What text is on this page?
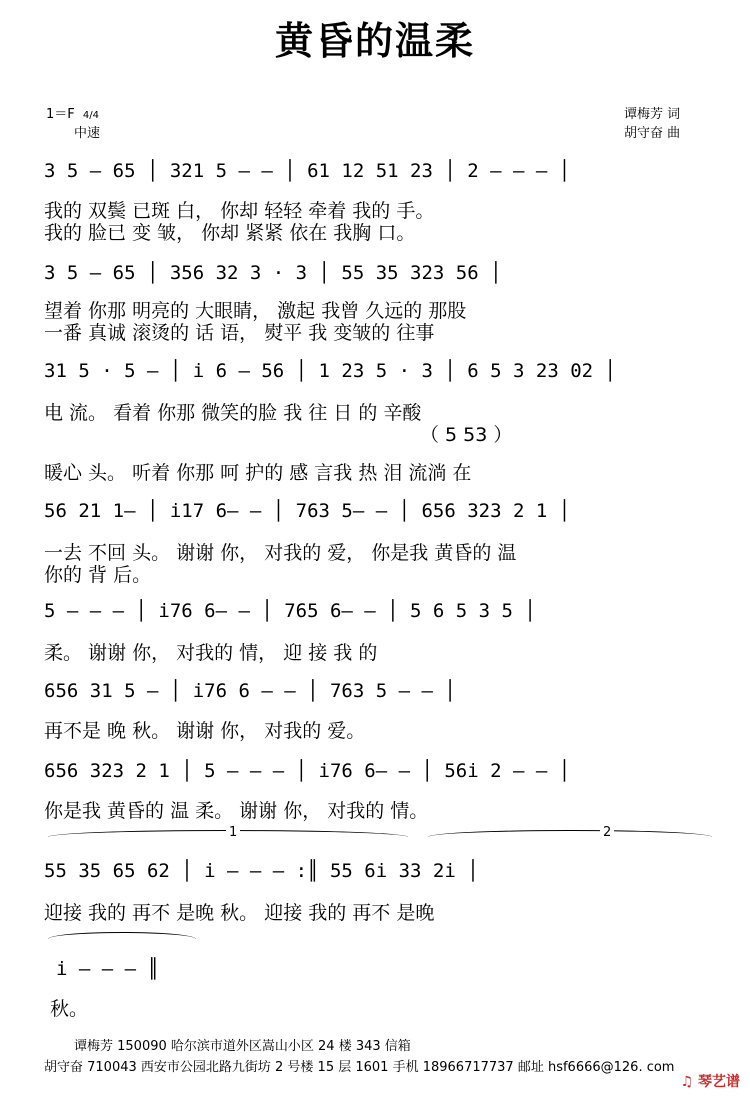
黄昏的温柔
1＝F 4/4
中速
谭梅芳 词
胡守奋 曲
3 5 — 65 │ 321 5 — — │ 61 12 51 23 │ 2 — — — │
我的 双鬓 已斑 白， 你却 轻轻 牵着 我的 手。
我的 脸已 变 皱， 你却 紧紧 依在 我胸 口。
3 5 — 65 │ 356 32 3 · 3 │ 55 35 323 56 │
望着 你那 明亮的 大眼睛， 激起 我曾 久远的 那股
一番 真诚 滚烫的 话 语， 熨平 我 变皱的 往事
31 5 · 5 — │ i 6 — 56 │ 1 23 5 · 3 │ 6 5 3 23 02 │
电 流。 看着 你那 微笑的脸 我 往 日 的 辛酸
（ 5 53 ）
暖心 头。 听着 你那 呵 护的 感 言我 热 泪 流淌 在
56 21 1— │ i17 6— — │ 763 5— — │ 656 323 2 1 │
一去 不回 头。 谢谢 你， 对我的 爱， 你是我 黄昏的 温
你的 背 后。
5 — — — │ i76 6— — │ 765 6— — │ 5 6 5 3 5 │
柔。 谢谢 你， 对我的 情， 迎 接 我 的
656 31 5 — │ i76 6 — — │ 763 5 — — │
再不是 晚 秋。 谢谢 你， 对我的 爱。
656 323 2 1 │ 5 — — — │ i76 6— — │ 56i 2 — — │
你是我 黄昏的 温 柔。 谢谢 你， 对我的 情。
1	2
55 35 65 62 │ i — — — :║ 55 6i 33 2i │
迎接 我的 再不 是晚 秋。 迎接 我的 再不 是晚
i — — — ║
秋。
谭梅芳 150090 哈尔滨市道外区嵩山小区 24 楼 343 信箱
胡守奋 710043 西安市公园北路九街坊 2 号楼 15 层 1601 手机 18966717737 邮址 hsf6666@126. com
♫ 琴艺谱
